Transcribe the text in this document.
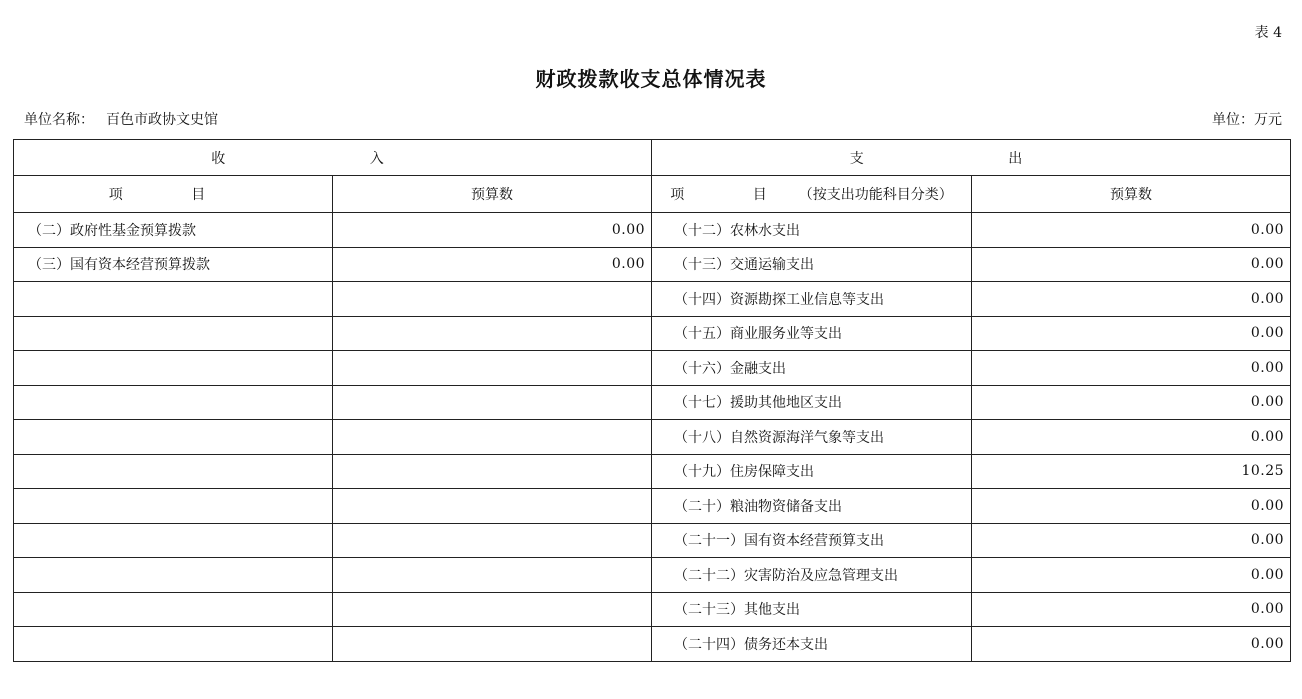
表 4
财政拨款收支总体情况表
单位名称： 百色市政协文史馆	单位：万元
收 入		支 出	
项 目	预算数	项 目（按支出功能科目分类）	预算数
（二）政府性基金预算拨款	0.00	（十二）农林水支出	0.00
（三）国有资本经营预算拨款	0.00	（十三）交通运输支出	0.00
		（十四）资源勘探工业信息等支出	0.00
		（十五）商业服务业等支出	0.00
		（十六）金融支出	0.00
		（十七）援助其他地区支出	0.00
		（十八）自然资源海洋气象等支出	0.00
		（十九）住房保障支出	10.25
		（二十）粮油物资储备支出	0.00
		（二十一）国有资本经营预算支出	0.00
		（二十二）灾害防治及应急管理支出	0.00
		（二十三）其他支出	0.00
		（二十四）债务还本支出	0.00
